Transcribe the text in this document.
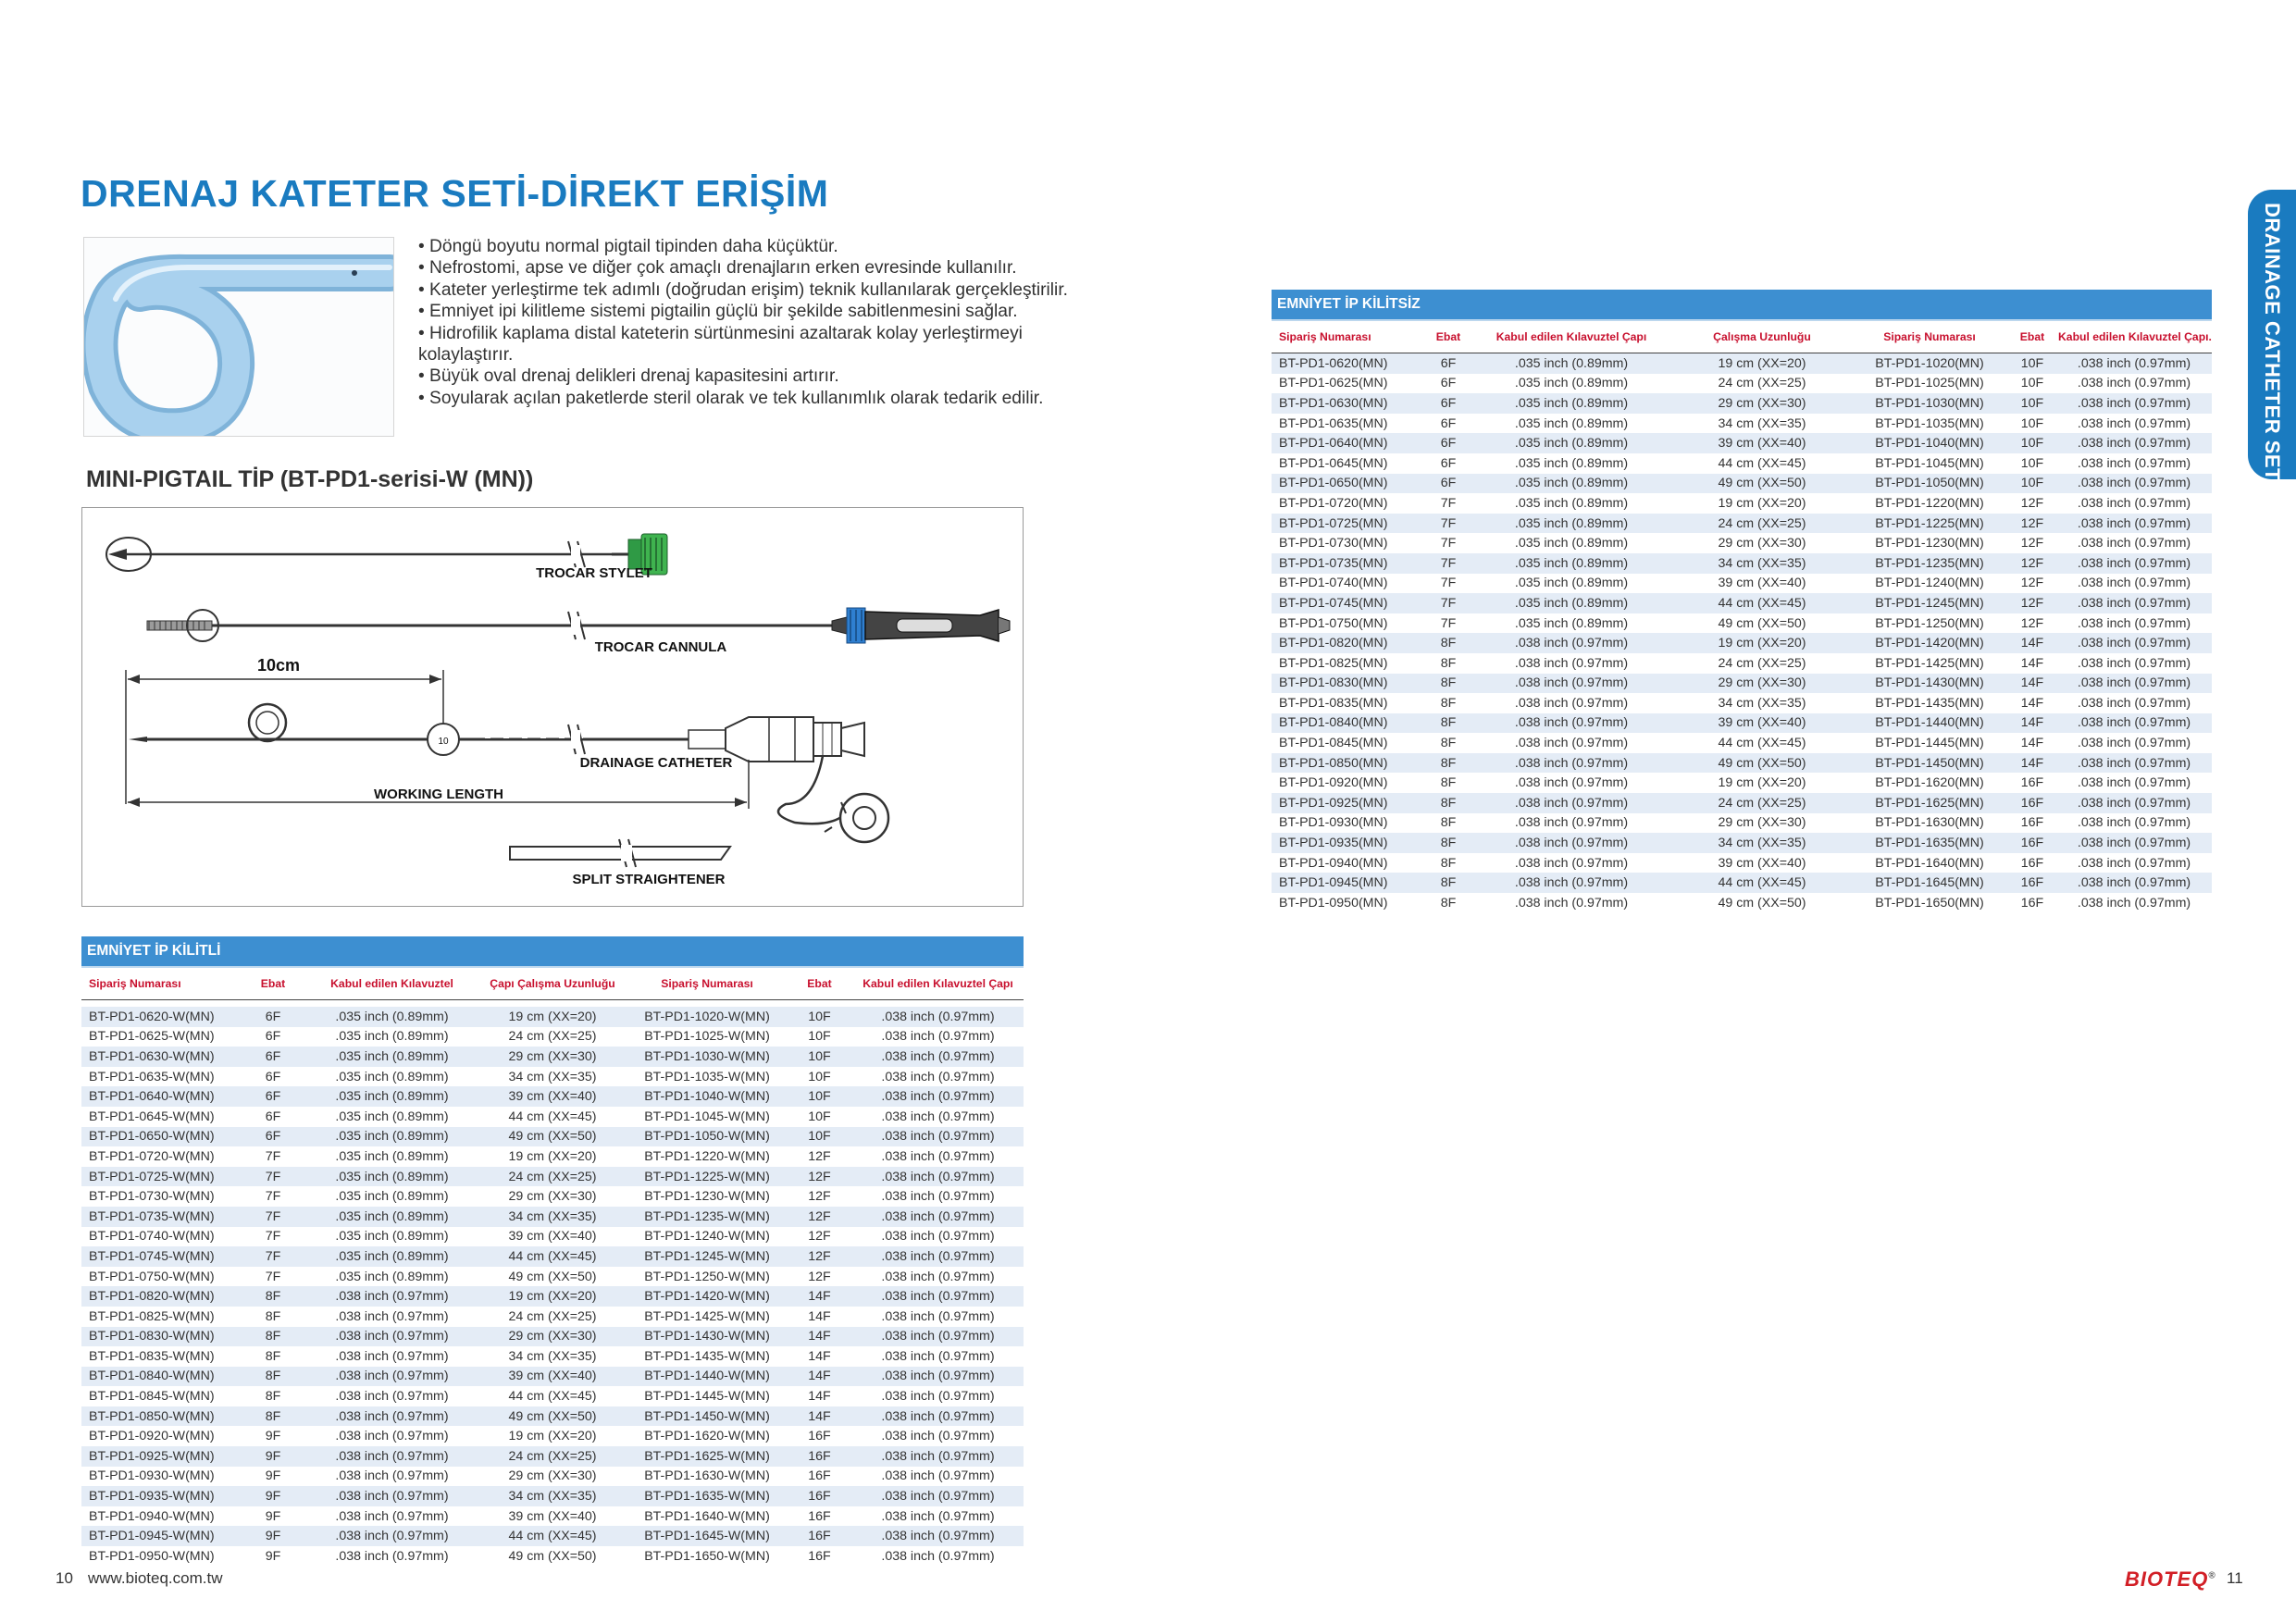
DRENAJ KATETER SETİ-DİREKT ERİŞİM
• Döngü boyutu normal pigtail tipinden daha küçüktür.
• Nefrostomi, apse ve diğer çok amaçlı drenajların erken evresinde kullanılır.
• Kateter yerleştirme tek adımlı (doğrudan erişim) teknik kullanılarak gerçekleştirilir.
• Emniyet ipi kilitleme sistemi pigtailin güçlü bir şekilde sabitlenmesini sağlar.
• Hidrofilik kaplama distal kateterin sürtünmesini azaltarak kolay yerleştirmeyi kolaylaştırır.
• Büyük oval drenaj delikleri drenaj kapasitesini artırır.
• Soyularak açılan paketlerde steril olarak ve tek kullanımlık olarak tedarik edilir.
MINI-PIGTAIL TİP (BT-PD1-serisi-W (MN))
TROCAR STYLET
TROCAR CANNULA
10cm
10
DRAINAGE CATHETER
WORKING LENGTH
SPLIT STRAIGHTENER
EMNİYET İP KİLİTLİ						
Sipariş Numarası	Ebat	Kabul edilen Kılavuztel	Çapı Çalışma Uzunluğu	Sipariş Numarası	Ebat	Kabul edilen Kılavuztel Çapı

BT-PD1-0620-W(MN)	6F	.035 inch (0.89mm)	19 cm (XX=20)	BT-PD1-1020-W(MN)	10F	.038 inch (0.97mm)
BT-PD1-0625-W(MN)	6F	.035 inch (0.89mm)	24 cm (XX=25)	BT-PD1-1025-W(MN)	10F	.038 inch (0.97mm)
BT-PD1-0630-W(MN)	6F	.035 inch (0.89mm)	29 cm (XX=30)	BT-PD1-1030-W(MN)	10F	.038 inch (0.97mm)
BT-PD1-0635-W(MN)	6F	.035 inch (0.89mm)	34 cm (XX=35)	BT-PD1-1035-W(MN)	10F	.038 inch (0.97mm)
BT-PD1-0640-W(MN)	6F	.035 inch (0.89mm)	39 cm (XX=40)	BT-PD1-1040-W(MN)	10F	.038 inch (0.97mm)
BT-PD1-0645-W(MN)	6F	.035 inch (0.89mm)	44 cm (XX=45)	BT-PD1-1045-W(MN)	10F	.038 inch (0.97mm)
BT-PD1-0650-W(MN)	6F	.035 inch (0.89mm)	49 cm (XX=50)	BT-PD1-1050-W(MN)	10F	.038 inch (0.97mm)
BT-PD1-0720-W(MN)	7F	.035 inch (0.89mm)	19 cm (XX=20)	BT-PD1-1220-W(MN)	12F	.038 inch (0.97mm)
BT-PD1-0725-W(MN)	7F	.035 inch (0.89mm)	24 cm (XX=25)	BT-PD1-1225-W(MN)	12F	.038 inch (0.97mm)
BT-PD1-0730-W(MN)	7F	.035 inch (0.89mm)	29 cm (XX=30)	BT-PD1-1230-W(MN)	12F	.038 inch (0.97mm)
BT-PD1-0735-W(MN)	7F	.035 inch (0.89mm)	34 cm (XX=35)	BT-PD1-1235-W(MN)	12F	.038 inch (0.97mm)
BT-PD1-0740-W(MN)	7F	.035 inch (0.89mm)	39 cm (XX=40)	BT-PD1-1240-W(MN)	12F	.038 inch (0.97mm)
BT-PD1-0745-W(MN)	7F	.035 inch (0.89mm)	44 cm (XX=45)	BT-PD1-1245-W(MN)	12F	.038 inch (0.97mm)
BT-PD1-0750-W(MN)	7F	.035 inch (0.89mm)	49 cm (XX=50)	BT-PD1-1250-W(MN)	12F	.038 inch (0.97mm)
BT-PD1-0820-W(MN)	8F	.038 inch (0.97mm)	19 cm (XX=20)	BT-PD1-1420-W(MN)	14F	.038 inch (0.97mm)
BT-PD1-0825-W(MN)	8F	.038 inch (0.97mm)	24 cm (XX=25)	BT-PD1-1425-W(MN)	14F	.038 inch (0.97mm)
BT-PD1-0830-W(MN)	8F	.038 inch (0.97mm)	29 cm (XX=30)	BT-PD1-1430-W(MN)	14F	.038 inch (0.97mm)
BT-PD1-0835-W(MN)	8F	.038 inch (0.97mm)	34 cm (XX=35)	BT-PD1-1435-W(MN)	14F	.038 inch (0.97mm)
BT-PD1-0840-W(MN)	8F	.038 inch (0.97mm)	39 cm (XX=40)	BT-PD1-1440-W(MN)	14F	.038 inch (0.97mm)
BT-PD1-0845-W(MN)	8F	.038 inch (0.97mm)	44 cm (XX=45)	BT-PD1-1445-W(MN)	14F	.038 inch (0.97mm)
BT-PD1-0850-W(MN)	8F	.038 inch (0.97mm)	49 cm (XX=50)	BT-PD1-1450-W(MN)	14F	.038 inch (0.97mm)
BT-PD1-0920-W(MN)	9F	.038 inch (0.97mm)	19 cm (XX=20)	BT-PD1-1620-W(MN)	16F	.038 inch (0.97mm)
BT-PD1-0925-W(MN)	9F	.038 inch (0.97mm)	24 cm (XX=25)	BT-PD1-1625-W(MN)	16F	.038 inch (0.97mm)
BT-PD1-0930-W(MN)	9F	.038 inch (0.97mm)	29 cm (XX=30)	BT-PD1-1630-W(MN)	16F	.038 inch (0.97mm)
BT-PD1-0935-W(MN)	9F	.038 inch (0.97mm)	34 cm (XX=35)	BT-PD1-1635-W(MN)	16F	.038 inch (0.97mm)
BT-PD1-0940-W(MN)	9F	.038 inch (0.97mm)	39 cm (XX=40)	BT-PD1-1640-W(MN)	16F	.038 inch (0.97mm)
BT-PD1-0945-W(MN)	9F	.038 inch (0.97mm)	44 cm (XX=45)	BT-PD1-1645-W(MN)	16F	.038 inch (0.97mm)
BT-PD1-0950-W(MN)	9F	.038 inch (0.97mm)	49 cm (XX=50)	BT-PD1-1650-W(MN)	16F	.038 inch (0.97mm)
EMNİYET İP KİLİTSİZ						
Sipariş Numarası	Ebat	Kabul edilen Kılavuztel Çapı	Çalışma Uzunluğu	Sipariş Numarası	Ebat	Kabul edilen Kılavuztel Çapı.
BT-PD1-0620(MN)	6F	.035 inch (0.89mm)	19 cm (XX=20)	BT-PD1-1020(MN)	10F	.038 inch (0.97mm)
BT-PD1-0625(MN)	6F	.035 inch (0.89mm)	24 cm (XX=25)	BT-PD1-1025(MN)	10F	.038 inch (0.97mm)
BT-PD1-0630(MN)	6F	.035 inch (0.89mm)	29 cm (XX=30)	BT-PD1-1030(MN)	10F	.038 inch (0.97mm)
BT-PD1-0635(MN)	6F	.035 inch (0.89mm)	34 cm (XX=35)	BT-PD1-1035(MN)	10F	.038 inch (0.97mm)
BT-PD1-0640(MN)	6F	.035 inch (0.89mm)	39 cm (XX=40)	BT-PD1-1040(MN)	10F	.038 inch (0.97mm)
BT-PD1-0645(MN)	6F	.035 inch (0.89mm)	44 cm (XX=45)	BT-PD1-1045(MN)	10F	.038 inch (0.97mm)
BT-PD1-0650(MN)	6F	.035 inch (0.89mm)	49 cm (XX=50)	BT-PD1-1050(MN)	10F	.038 inch (0.97mm)
BT-PD1-0720(MN)	7F	.035 inch (0.89mm)	19 cm (XX=20)	BT-PD1-1220(MN)	12F	.038 inch (0.97mm)
BT-PD1-0725(MN)	7F	.035 inch (0.89mm)	24 cm (XX=25)	BT-PD1-1225(MN)	12F	.038 inch (0.97mm)
BT-PD1-0730(MN)	7F	.035 inch (0.89mm)	29 cm (XX=30)	BT-PD1-1230(MN)	12F	.038 inch (0.97mm)
BT-PD1-0735(MN)	7F	.035 inch (0.89mm)	34 cm (XX=35)	BT-PD1-1235(MN)	12F	.038 inch (0.97mm)
BT-PD1-0740(MN)	7F	.035 inch (0.89mm)	39 cm (XX=40)	BT-PD1-1240(MN)	12F	.038 inch (0.97mm)
BT-PD1-0745(MN)	7F	.035 inch (0.89mm)	44 cm (XX=45)	BT-PD1-1245(MN)	12F	.038 inch (0.97mm)
BT-PD1-0750(MN)	7F	.035 inch (0.89mm)	49 cm (XX=50)	BT-PD1-1250(MN)	12F	.038 inch (0.97mm)
BT-PD1-0820(MN)	8F	.038 inch (0.97mm)	19 cm (XX=20)	BT-PD1-1420(MN)	14F	.038 inch (0.97mm)
BT-PD1-0825(MN)	8F	.038 inch (0.97mm)	24 cm (XX=25)	BT-PD1-1425(MN)	14F	.038 inch (0.97mm)
BT-PD1-0830(MN)	8F	.038 inch (0.97mm)	29 cm (XX=30)	BT-PD1-1430(MN)	14F	.038 inch (0.97mm)
BT-PD1-0835(MN)	8F	.038 inch (0.97mm)	34 cm (XX=35)	BT-PD1-1435(MN)	14F	.038 inch (0.97mm)
BT-PD1-0840(MN)	8F	.038 inch (0.97mm)	39 cm (XX=40)	BT-PD1-1440(MN)	14F	.038 inch (0.97mm)
BT-PD1-0845(MN)	8F	.038 inch (0.97mm)	44 cm (XX=45)	BT-PD1-1445(MN)	14F	.038 inch (0.97mm)
BT-PD1-0850(MN)	8F	.038 inch (0.97mm)	49 cm (XX=50)	BT-PD1-1450(MN)	14F	.038 inch (0.97mm)
BT-PD1-0920(MN)	8F	.038 inch (0.97mm)	19 cm (XX=20)	BT-PD1-1620(MN)	16F	.038 inch (0.97mm)
BT-PD1-0925(MN)	8F	.038 inch (0.97mm)	24 cm (XX=25)	BT-PD1-1625(MN)	16F	.038 inch (0.97mm)
BT-PD1-0930(MN)	8F	.038 inch (0.97mm)	29 cm (XX=30)	BT-PD1-1630(MN)	16F	.038 inch (0.97mm)
BT-PD1-0935(MN)	8F	.038 inch (0.97mm)	34 cm (XX=35)	BT-PD1-1635(MN)	16F	.038 inch (0.97mm)
BT-PD1-0940(MN)	8F	.038 inch (0.97mm)	39 cm (XX=40)	BT-PD1-1640(MN)	16F	.038 inch (0.97mm)
BT-PD1-0945(MN)	8F	.038 inch (0.97mm)	44 cm (XX=45)	BT-PD1-1645(MN)	16F	.038 inch (0.97mm)
BT-PD1-0950(MN)	8F	.038 inch (0.97mm)	49 cm (XX=50)	BT-PD1-1650(MN)	16F	.038 inch (0.97mm)
DRAINAGE CATHETER SET
10 www.bioteq.com.tw	BIOTEQ® 11
